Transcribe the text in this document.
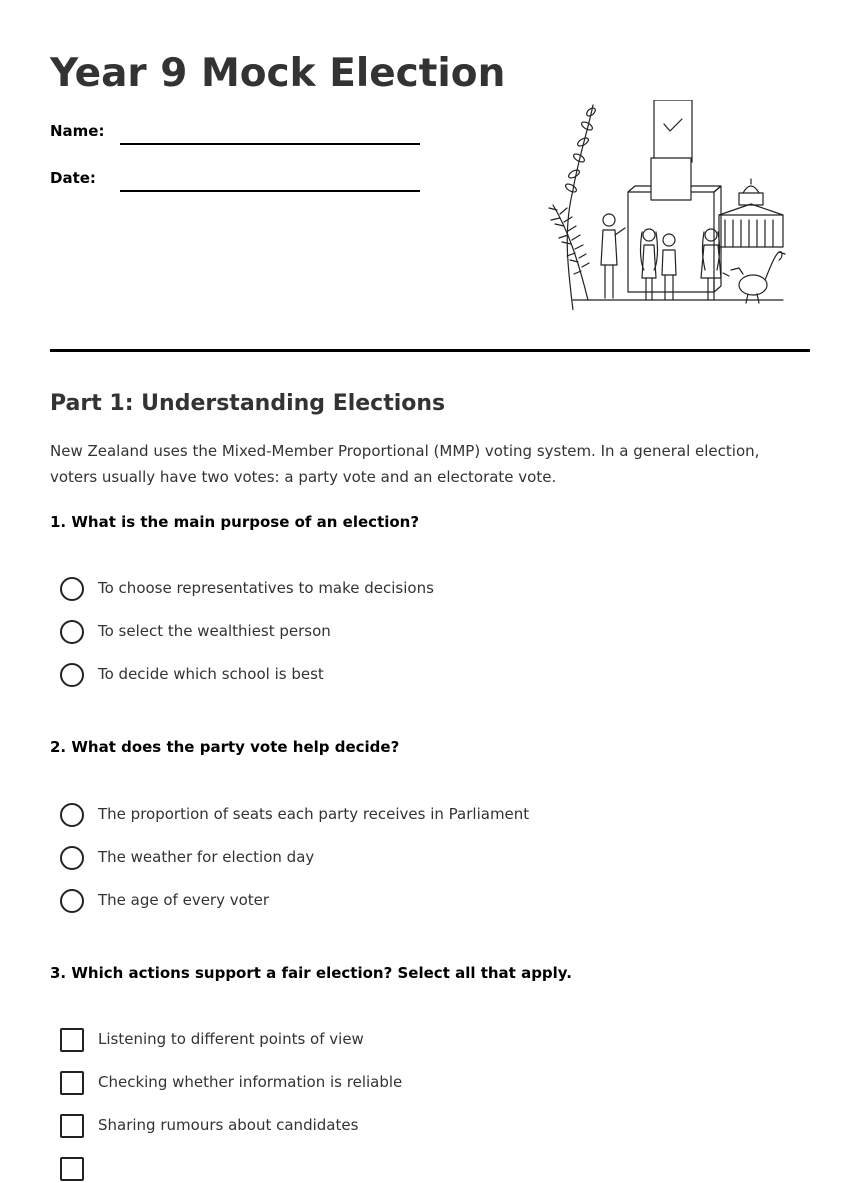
Year 9 Mock Election
Name:
Date:
Part 1: Understanding Elections

New Zealand uses the Mixed-Member Proportional (MMP) voting system. In a general election, voters usually have two votes: a party vote and an electorate vote.

1. What is the main purpose of an election?

To choose representatives to make decisions
To select the wealthiest person
To decide which school is best

2. What does the party vote help decide?

The proportion of seats each party receives in Parliament
The weather for election day
The age of every voter

3. Which actions support a fair election? Select all that apply.

Listening to different points of view
Checking whether information is reliable
Sharing rumours about candidates
